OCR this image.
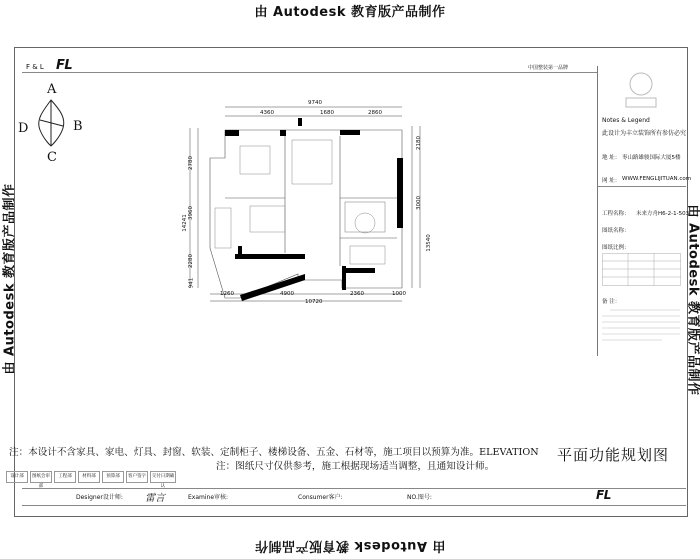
由 Autodesk 教育版产品制作
由 Autodesk 教育版产品制作
由 Autodesk 教育版产品制作	由 Autodesk 教育版产品制作
F & L FL	中国整装第一品牌
A
B
C
D
9740
4360	1680	2860
10720
1260	4900	2360	1000
14241
2780
3960
2280
941
2180
3000
13540
Notes & Legend
此设计为丰立装饰所有参仿必究
地 址： 枣山路雄骏国际大厦5楼
网 址： WWW.FENGLIJITUAN.com
工程名称： 未来方舟H6-2-1-503
图纸名称：
图纸比例：
备 注：
注：本设计不含家具、家电、灯具、封窗、软装、定制柜子、楼梯设备、五金、石材等，施工项目以预算为准。ELEVATION 平面功能规划图
注：图纸尺寸仅供参考，施工根据现场适当调整，且通知设计师。
设计部	图纸会审部
工程部	材料部	预算部	客户签字	交付日期确认
Designer设计师: 雷言	Examine审核:	Consumer客户:	NO.图号:	FL
